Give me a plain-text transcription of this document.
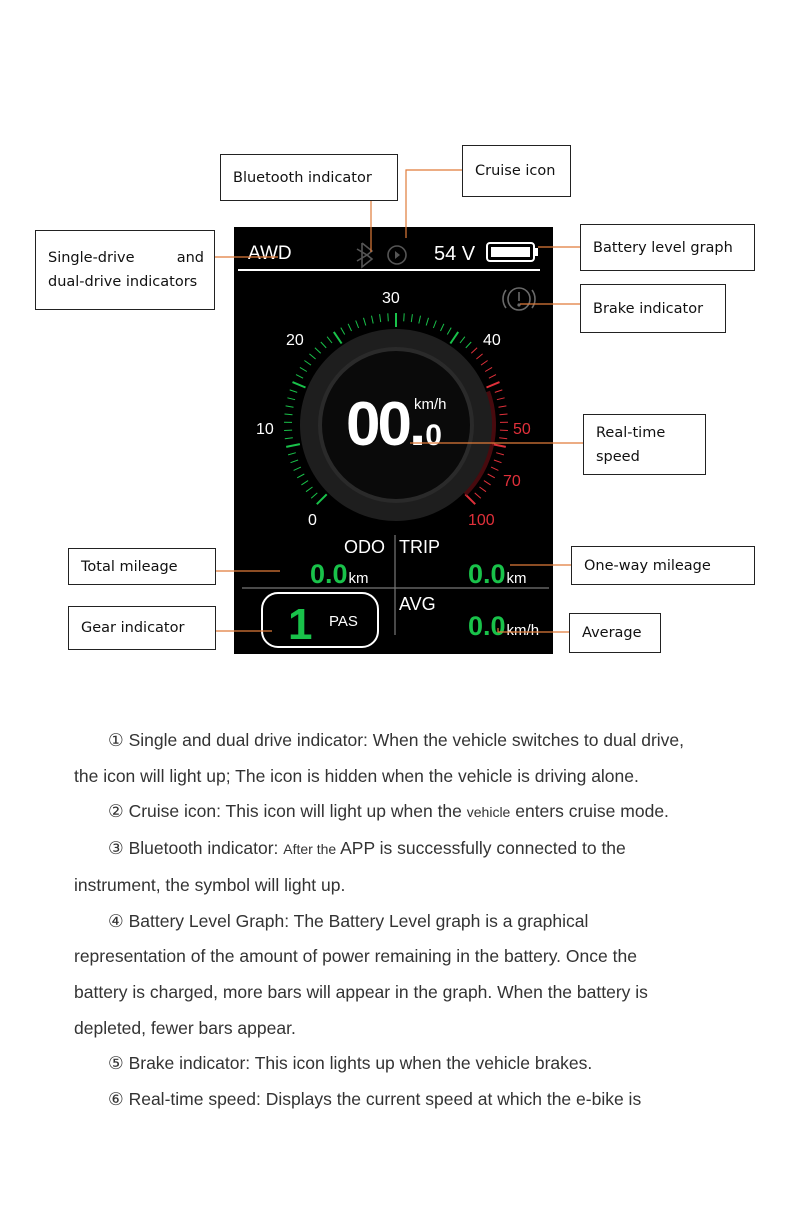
AWD	54 V
0
10
20
30
40
50
70
100
00.0
km/h
ODO TRIP
0.0km	0.0km
AVG
0.0km/h
1 PAS
Bluetooth indicator	Cruise icon
Single-drive	and
dual-drive indicators
Battery level graph
Brake indicator
Real-time
speed
Total mileage
Gear indicator
One-way mileage
Average

① Single and dual drive indicator: When the vehicle switches to dual drive,

the icon will light up; The icon is hidden when the vehicle is driving alone.

② Cruise icon: This icon will light up when the vehicle enters cruise mode.

③ Bluetooth indicator: After the APP is successfully connected to the

instrument, the symbol will light up.

④ Battery Level Graph: The Battery Level graph is a graphical

representation of the amount of power remaining in the battery. Once the

battery is charged, more bars will appear in the graph. When the battery is

depleted, fewer bars appear.

⑤ Brake indicator: This icon lights up when the vehicle brakes.

⑥ Real-time speed: Displays the current speed at which the e-bike is
